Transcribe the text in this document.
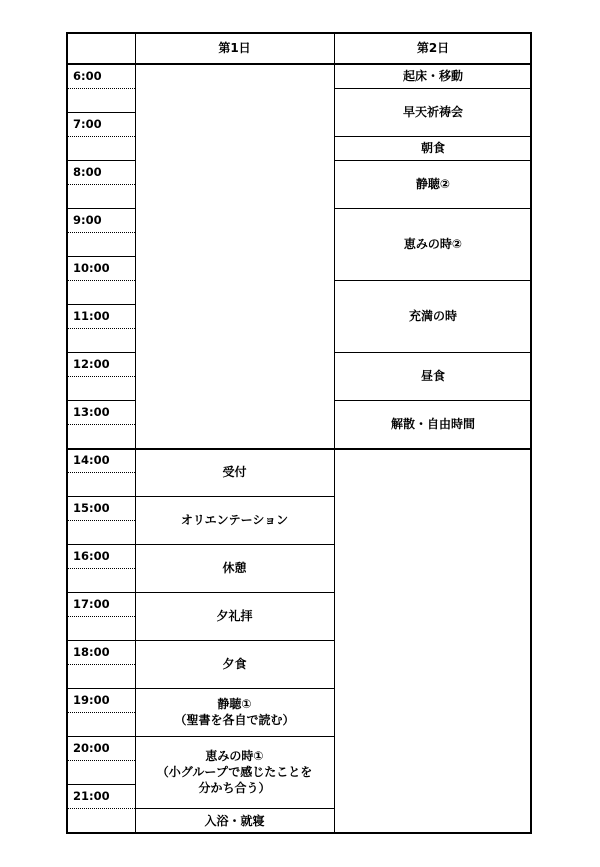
第1日	第2日
6:00
7:00
8:00
9:00
10:00
11:00
12:00
13:00
14:00
15:00
16:00
17:00
18:00
19:00
20:00
21:00
起床・移動
早天祈祷会
朝食
静聴②
恵みの時②
充満の時
昼食
解散・自由時間
受付
オリエンテーション
休憩
夕礼拝
夕食
静聴①
（聖書を各自で読む）
恵みの時①
（小グループで感じたことを
分かち合う）
入浴・就寝
